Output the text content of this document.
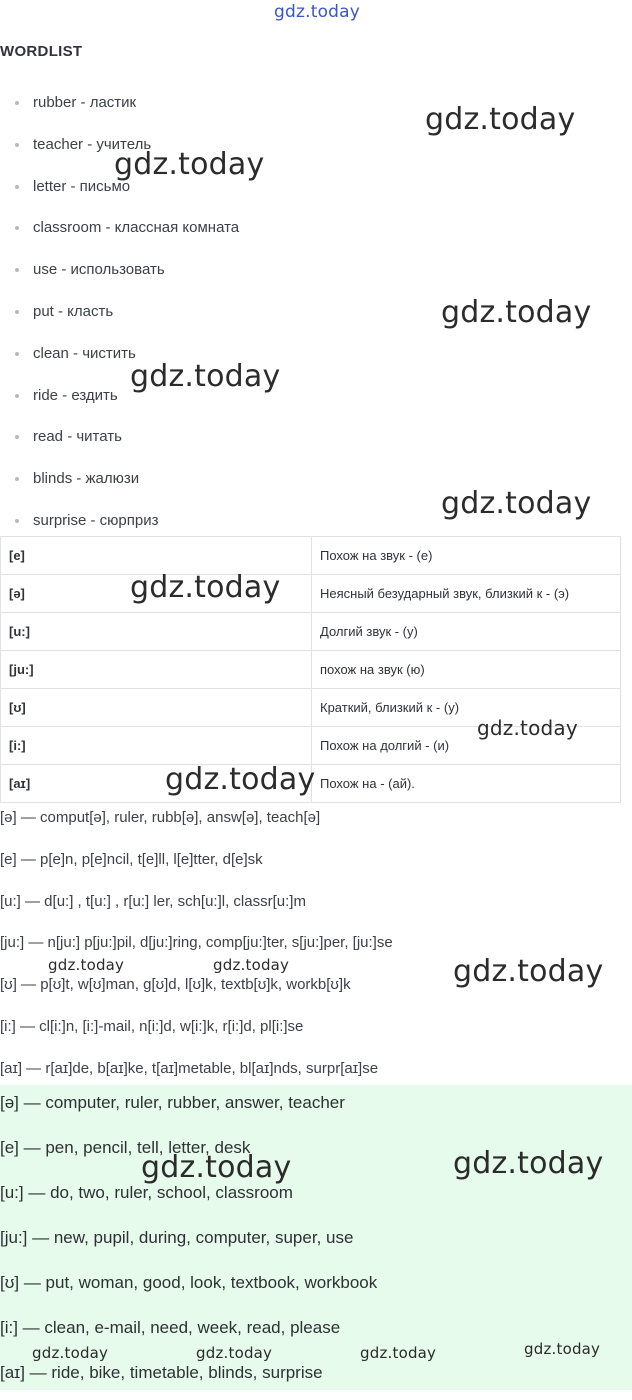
gdz.today
WORDLIST
rubber - ластик
teacher - учитель
letter - письмо
classroom - классная комната
use - использовать
put - класть
clean - чистить
ride - ездить
read - читать
blinds - жалюзи
surprise - сюрприз
[e]	Похож на звук - (е)
[ə]	Неясный безударный звук, близкий к - (э)
[u:]	Долгий звук - (у)
[ju:]	похож на звук (ю)
[ʊ]	Краткий, близкий к - (у)
[i:]	Похож на долгий - (и)
[aɪ]	Похож на - (ай).
[ə] — comput[ə], ruler, rubb[ə], answ[ə], teach[ə]
[e] — p[e]n, p[e]ncil, t[e]ll, l[e]tter, d[e]sk
[u:] — d[u:] , t[u:] , r[u:] ler, sch[u:]l, classr[u:]m
[ju:] — n[ju:] p[ju:]pil, d[ju:]ring, comp[ju:]ter, s[ju:]per, [ju:]se
[ʊ] — p[ʊ]t, w[ʊ]man, g[ʊ]d, l[ʊ]k, textb[ʊ]k, workb[ʊ]k
[i:] — cl[i:]n, [i:]-mail, n[i:]d, w[i:]k, r[i:]d, pl[i:]se
[aɪ] — r[aɪ]de, b[aɪ]ke, t[aɪ]metable, bl[aɪ]nds, surpr[aɪ]se
[ə] — computer, ruler, rubber, answer, teacher
[e] — pen, pencil, tell, letter, desk
[u:] — do, two, ruler, school, classroom
[ju:] — new, pupil, during, computer, super, use
[ʊ] — put, woman, good, look, textbook, workbook
[i:] — clean, e-mail, need, week, read, please
[aɪ] — ride, bike, timetable, blinds, surprise
gdz.today
gdz.today
gdz.today
gdz.today
gdz.today
gdz.today
gdz.today
gdz.today
gdz.today	gdz.today	gdz.today
gdz.today	gdz.today
gdz.today	gdz.today	gdz.today	gdz.today
